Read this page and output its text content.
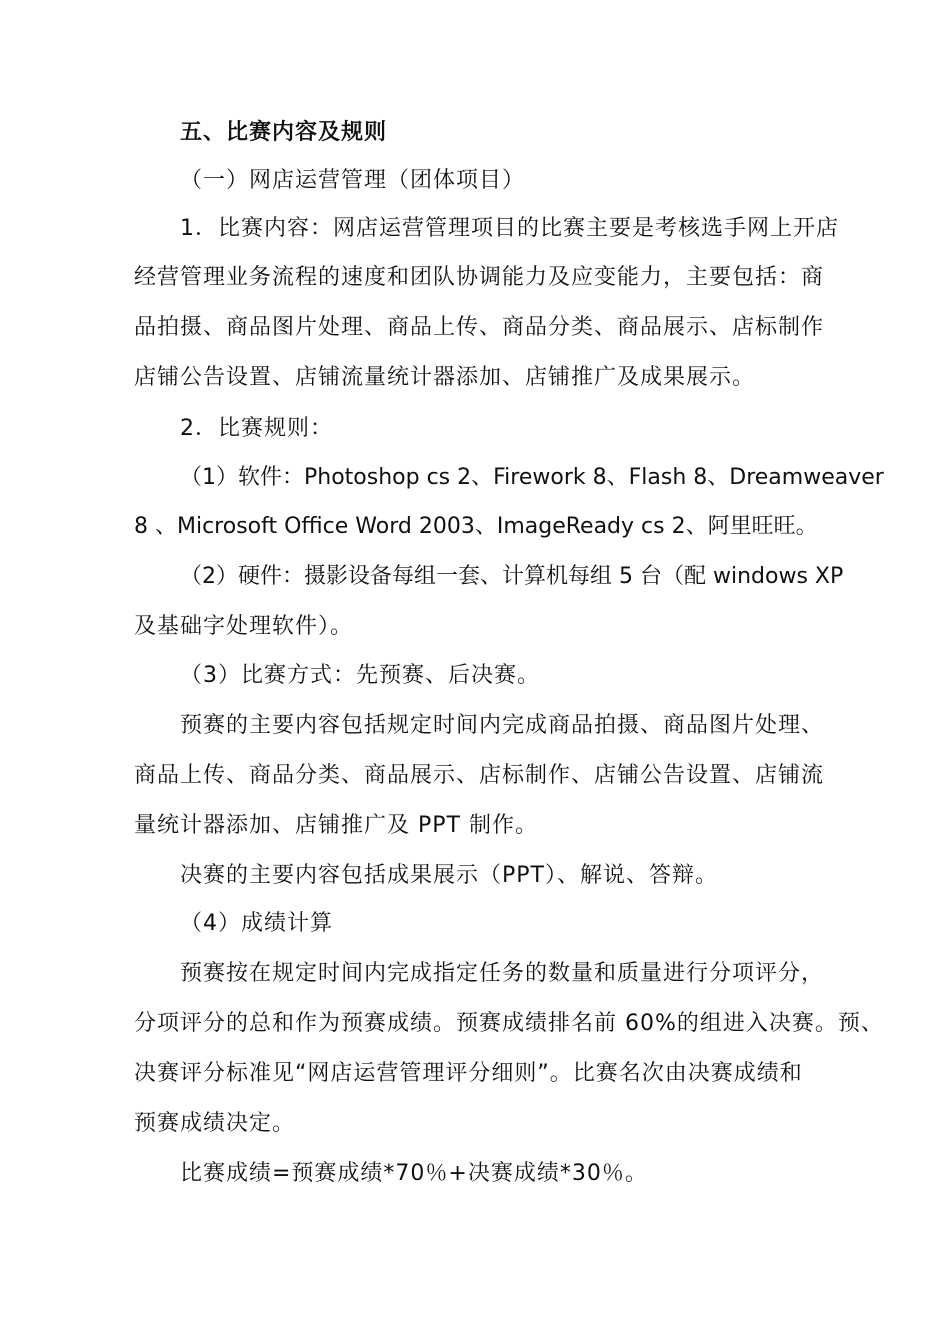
五、比赛内容及规则
（一）网店运营管理（团体项目）
1．比赛内容：网店运营管理项目的比赛主要是考核选手网上开店
经营管理业务流程的速度和团队协调能力及应变能力，主要包括：商
品拍摄、商品图片处理、商品上传、商品分类、商品展示、店标制作
店铺公告设置、店铺流量统计器添加、店铺推广及成果展示。
2．比赛规则：
（1）软件：Photoshop cs 2、Firework 8、Flash 8、Dreamweaver
8 、Microsoft Office Word 2003、ImageReady cs 2、阿里旺旺。
（2）硬件：摄影设备每组一套、计算机每组 5 台（配 windows XP
及基础字处理软件）。
（3）比赛方式：先预赛、后决赛。
预赛的主要内容包括规定时间内完成商品拍摄、商品图片处理、
商品上传、商品分类、商品展示、店标制作、店铺公告设置、店铺流
量统计器添加、店铺推广及 PPT 制作。
决赛的主要内容包括成果展示（PPT）、解说、答辩。
（4）成绩计算
预赛按在规定时间内完成指定任务的数量和质量进行分项评分，
分项评分的总和作为预赛成绩。预赛成绩排名前 60%的组进入决赛。预、
决赛评分标准见“网店运营管理评分细则”。比赛名次由决赛成绩和
预赛成绩决定。
比赛成绩=预赛成绩*70％+决赛成绩*30％。
